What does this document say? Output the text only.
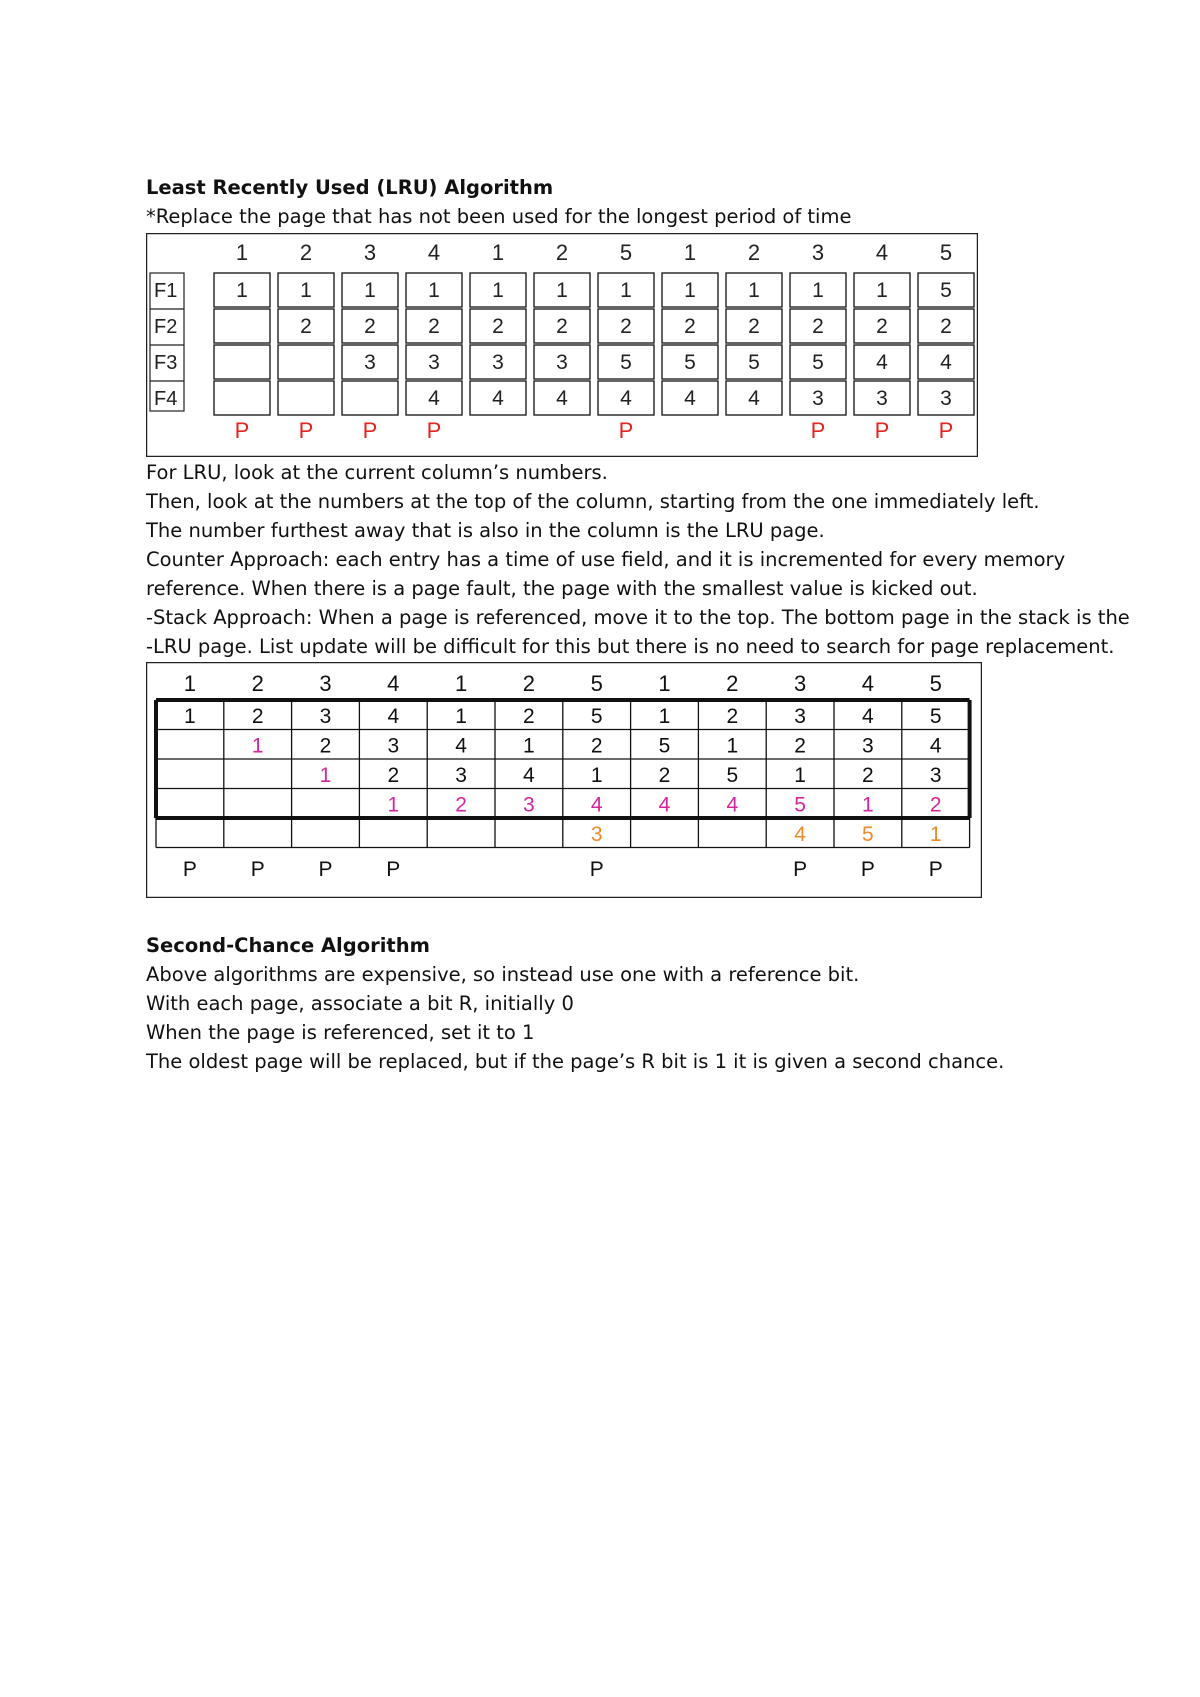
Least Recently Used (LRU) Algorithm
*Replace the page that has not been used for the longest period of time
F1
F2
F3
F4
1
1
P
2
1
2
P
3
1
2
3
P
4
1
2
3
4
P
1
1
2
3
4
2
1
2
3
4
5
1
2
5
4
P
1
1
2
5
4
2
1
2
5
4
3
1
2
5
3
P
4
1
2
4
3
P
5
5
2
4
3
P
For LRU, look at the current column’s numbers.
Then, look at the numbers at the top of the column, starting from the one immediately left.
The number furthest away that is also in the column is the LRU page.
Counter Approach: each entry has a time of use field, and it is incremented for every memory
reference. When there is a page fault, the page with the smallest value is kicked out.
-Stack Approach: When a page is referenced, move it to the top. The bottom page in the stack is the
-LRU page. List update will be difficult for this but there is no need to search for page replacement.
1
1
P
2
2
1
P
3
3
2
1
P
4
4
3
2
1
P
1
1
4
3
2
2
2
1
4
3
5
5
2
1
4
3
P
1
1
5
2
4
2
2
1
5
4
3
3
2
1
5
4
P
4
4
3
2
1
5
P
5
5
4
3
2
1
P
Second-Chance Algorithm
Above algorithms are expensive, so instead use one with a reference bit.
With each page, associate a bit R, initially 0
When the page is referenced, set it to 1
The oldest page will be replaced, but if the page’s R bit is 1 it is given a second chance.
